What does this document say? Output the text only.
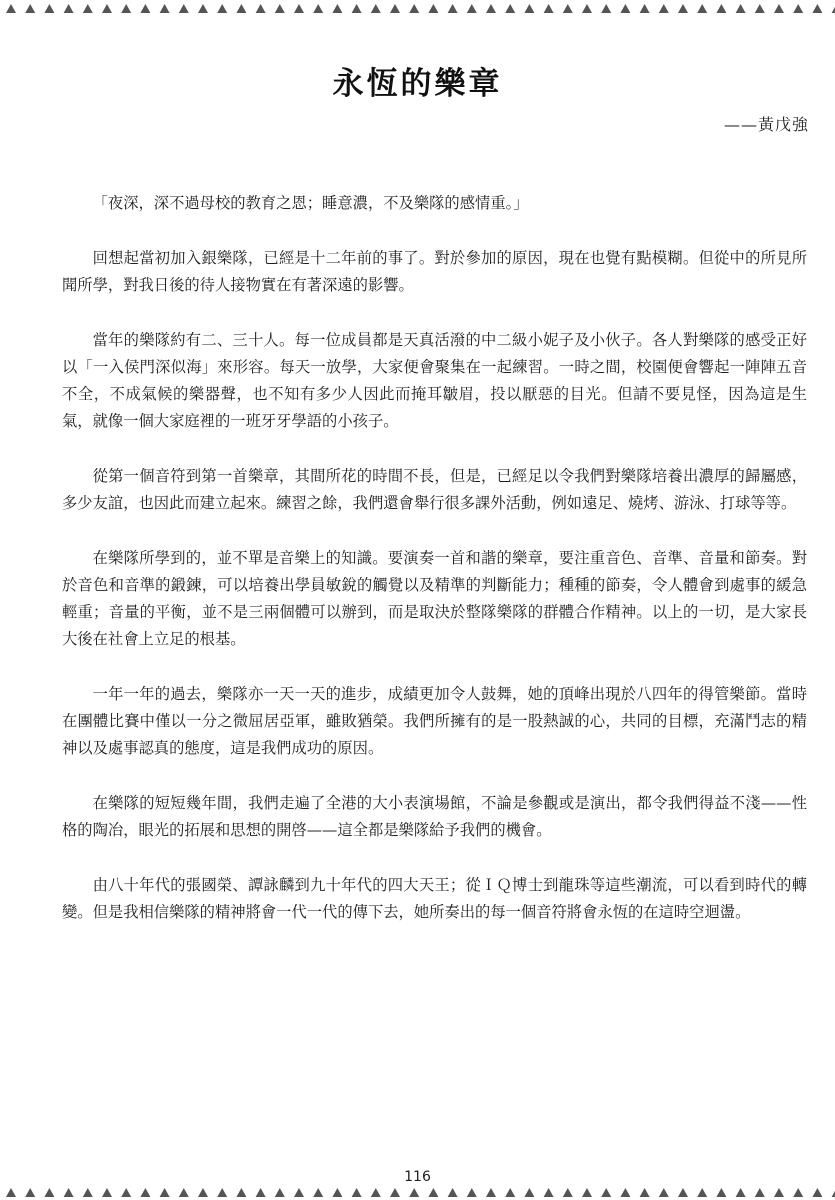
永恆的樂章
——黃戊強

「夜深，深不過母校的教育之恩；睡意濃，不及樂隊的感情重。」

回想起當初加入銀樂隊，已經是十二年前的事了。對於參加的原因，現在也覺有點模糊。但從中的所見所聞所學，對我日後的待人接物實在有著深遠的影響。

當年的樂隊約有二、三十人。每一位成員都是天真活潑的中二級小妮子及小伙子。各人對樂隊的感受正好以「一入侯門深似海」來形容。每天一放學，大家便會聚集在一起練習。一時之間，校園便會響起一陣陣五音不全，不成氣候的樂器聲，也不知有多少人因此而掩耳皺眉，投以厭惡的目光。但請不要見怪，因為這是生氣，就像一個大家庭裡的一班牙牙學語的小孩子。

從第一個音符到第一首樂章，其間所花的時間不長，但是，已經足以令我們對樂隊培養出濃厚的歸屬感，多少友誼，也因此而建立起來。練習之餘，我們還會舉行很多課外活動，例如遠足、燒烤、游泳、打球等等。

在樂隊所學到的，並不單是音樂上的知識。要演奏一首和諧的樂章，要注重音色、音準、音量和節奏。對於音色和音準的鍛鍊，可以培養出學員敏銳的觸覺以及精準的判斷能力；種種的節奏，令人體會到處事的緩急輕重；音量的平衡，並不是三兩個體可以辦到，而是取決於整隊樂隊的群體合作精神。以上的一切，是大家長大後在社會上立足的根基。

一年一年的過去，樂隊亦一天一天的進步，成績更加令人鼓舞，她的頂峰出現於八四年的得管樂節。當時在團體比賽中僅以一分之微屈居亞軍，雖敗猶榮。我們所擁有的是一股熱誠的心，共同的目標，充滿鬥志的精神以及處事認真的態度，這是我們成功的原因。

在樂隊的短短幾年間，我們走遍了全港的大小表演場館，不論是參觀或是演出，都令我們得益不淺——性格的陶冶，眼光的拓展和思想的開啓——這全都是樂隊給予我們的機會。

由八十年代的張國榮、譚詠麟到九十年代的四大天王；從ＩＱ博士到龍珠等這些潮流，可以看到時代的轉變。但是我相信樂隊的精神將會一代一代的傳下去，她所奏出的每一個音符將會永恆的在這時空迴盪。

116
